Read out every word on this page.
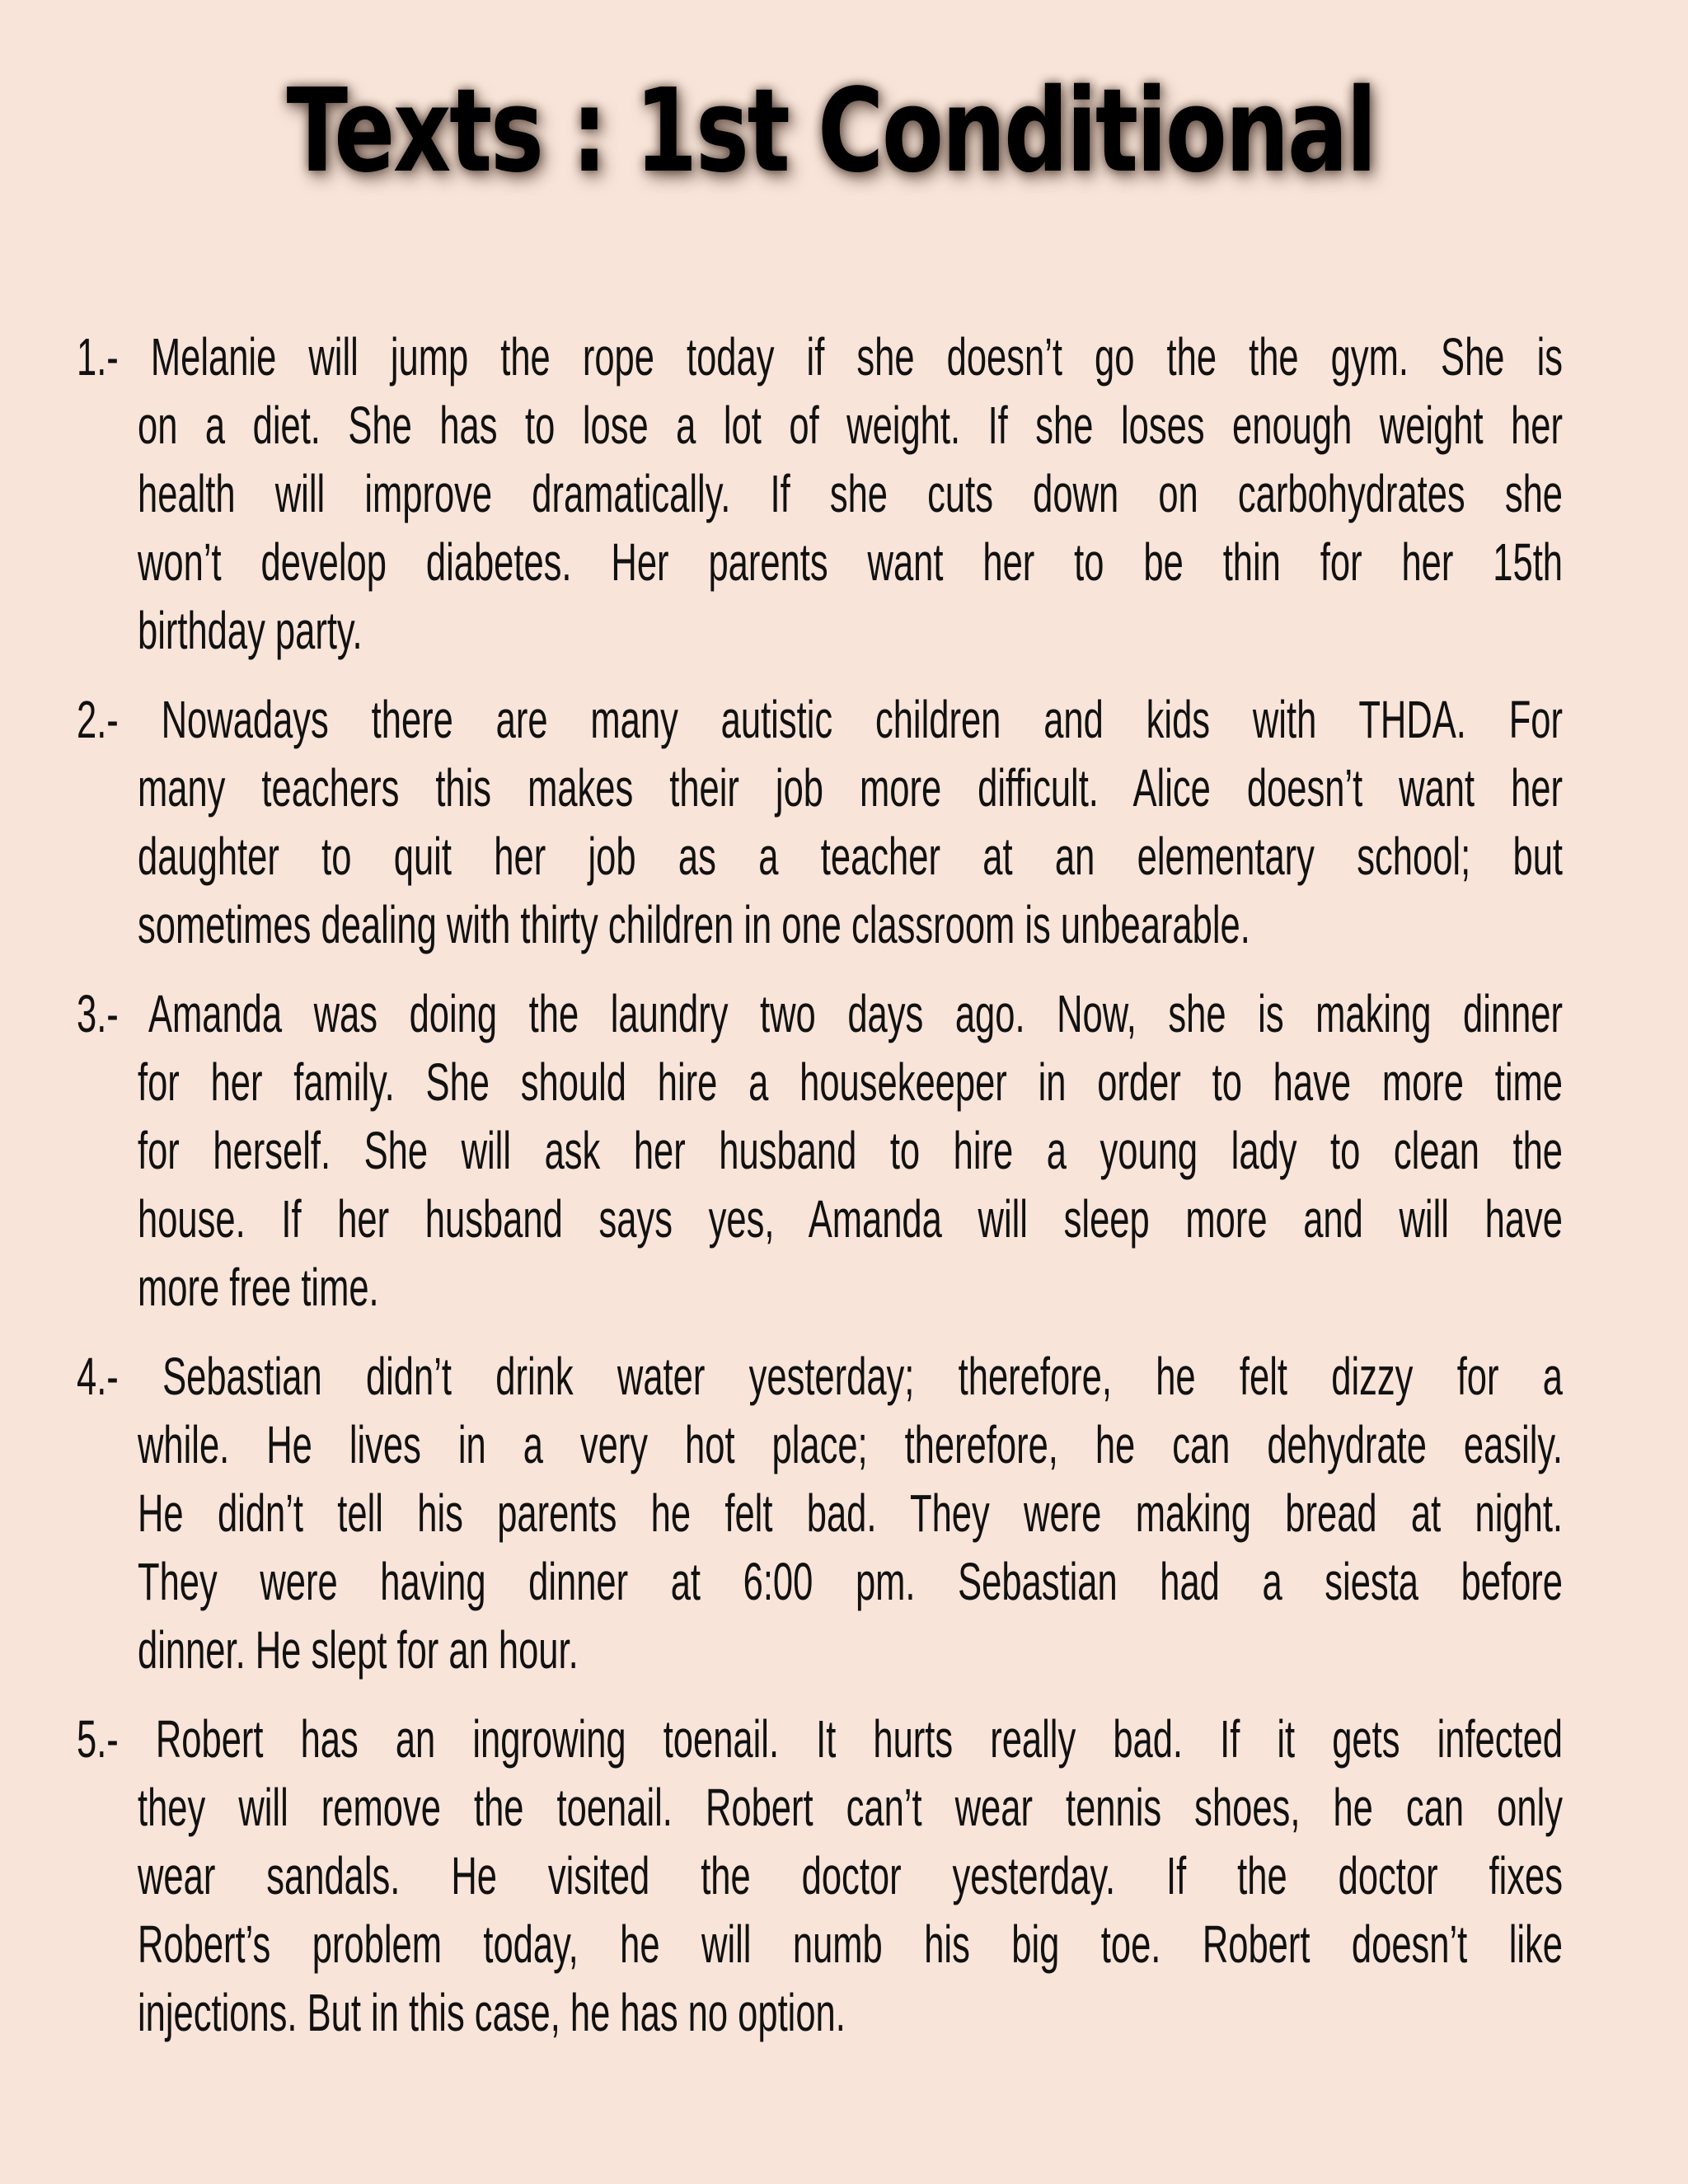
Texts : 1st Conditional
1.- Melanie will jump the rope today if she doesn’t go the the gym. She is
on a diet. She has to lose a lot of weight. If she loses enough weight her
health will improve dramatically. If she cuts down on carbohydrates she
won’t develop diabetes. Her parents want her to be thin for her 15th
birthday party.
2.- Nowadays there are many autistic children and kids with THDA. For
many teachers this makes their job more difficult. Alice doesn’t want her
daughter to quit her job as a teacher at an elementary school; but
sometimes dealing with thirty children in one classroom is unbearable.
3.- Amanda was doing the laundry two days ago. Now, she is making dinner
for her family. She should hire a housekeeper in order to have more time
for herself. She will ask her husband to hire a young lady to clean the
house. If her husband says yes, Amanda will sleep more and will have
more free time.
4.- Sebastian didn’t drink water yesterday; therefore, he felt dizzy for a
while. He lives in a very hot place; therefore, he can dehydrate easily.
He didn’t tell his parents he felt bad. They were making bread at night.
They were having dinner at 6:00 pm. Sebastian had a siesta before
dinner. He slept for an hour.
5.- Robert has an ingrowing toenail. It hurts really bad. If it gets infected
they will remove the toenail. Robert can’t wear tennis shoes, he can only
wear sandals. He visited the doctor yesterday. If the doctor fixes
Robert’s problem today, he will numb his big toe. Robert doesn’t like
injections. But in this case, he has no option.
